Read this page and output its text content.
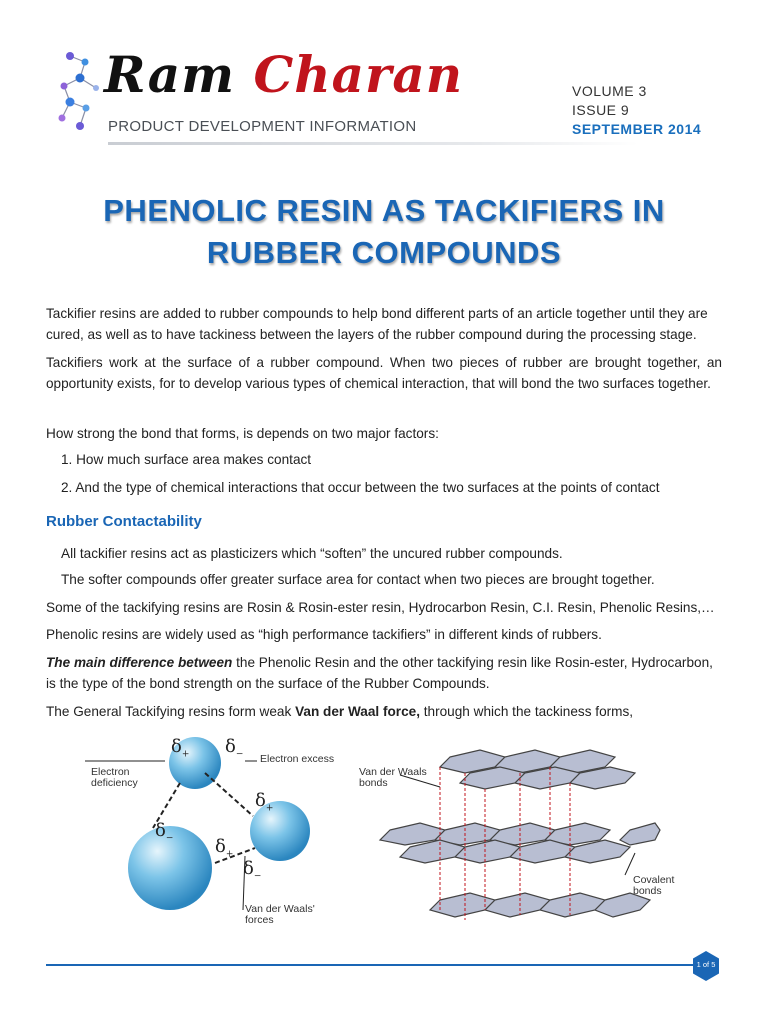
Ram Charan
PRODUCT DEVELOPMENT INFORMATION
VOLUME 3
ISSUE 9
SEPTEMBER 2014
PHENOLIC RESIN AS TACKIFIERS IN
RUBBER COMPOUNDS
Tackifier resins are added to rubber compounds to help bond different parts of an article together until they are cured, as well as to have tackiness between the layers of the rubber compound during the processing stage.
Tackifiers work at the surface of a rubber compound. When two pieces of rubber are brought together, an opportunity exists, for to develop various types of chemical interaction, that will bond the two surfaces together.
How strong the bond that forms, is depends on two major factors:
1. How much surface area makes contact
2. And the type of chemical interactions that occur between the two surfaces at the points of contact
Rubber Contactability
All tackifier resins act as plasticizers which “soften” the uncured rubber compounds.
The softer compounds offer greater surface area for contact when two pieces are brought together.
Some of the tackifying resins are Rosin & Rosin-ester resin, Hydrocarbon Resin, C.I. Resin, Phenolic Resins,…
Phenolic resins are widely used as “high performance tackifiers” in different kinds of rubbers.
The main difference between the Phenolic Resin and the other tackifying resin like Rosin-ester, Hydrocarbon, is the type of the bond strength on the surface of the Rubber Compounds.
The General Tackifying resins form weak Van der Waal force, through which the tackiness forms,
$\delta_+$ $\delta_-$
$\delta_+$
$\delta_-$ $\delta_+$
$\delta_-$
Electron excess
Electron
deficiency
Van der Waals'
forces
Van der Waals
bonds
Covalent
bonds
1 of 5
